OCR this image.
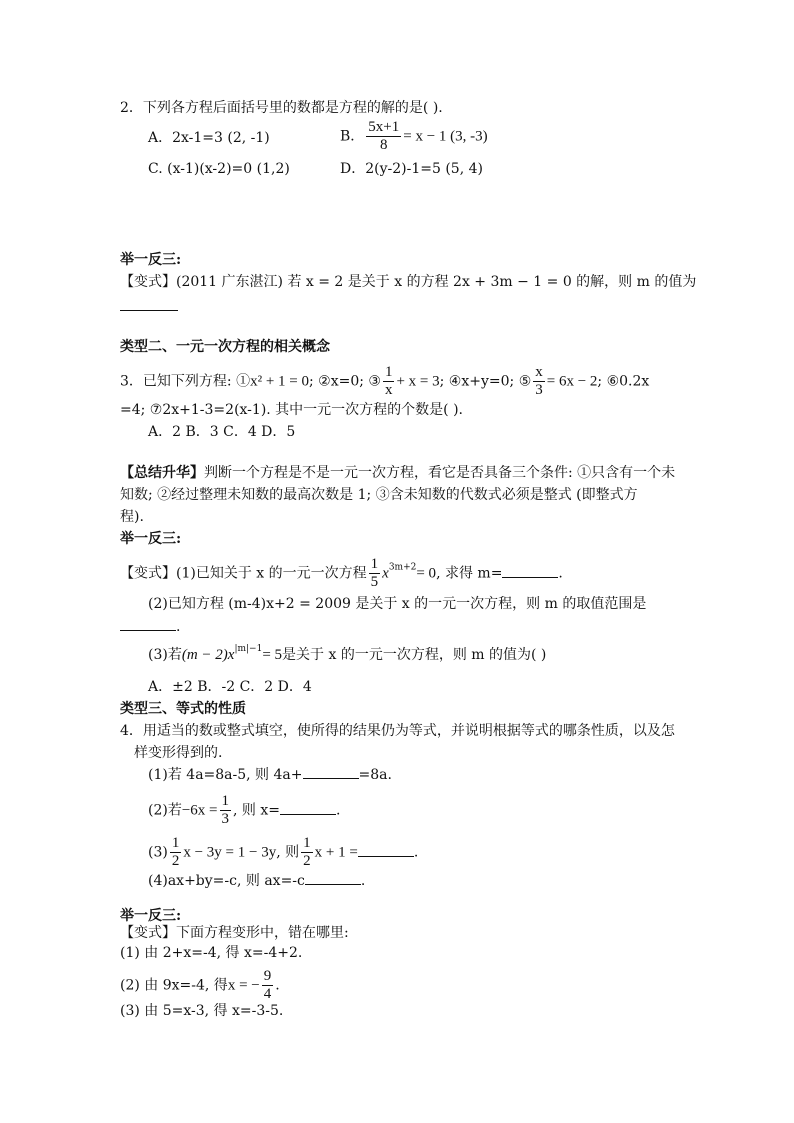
2．下列各方程后面括号里的数都是方程的解的是( ).
A．2x-1=3 (2, -1)	B． $\frac{5x+1}{8} = x - 1$ (3, -3)
C. (x-1)(x-2)=0 (1,2)	D．2(y-2)-1=5 (5, 4)
举一反三:
【变式】(2011 广东湛江) 若 x = 2 是关于 x 的方程 2x + 3m − 1 = 0 的解，则 m 的值为
类型二、一元一次方程的相关概念
3．已知下列方程: ①x² + 1 = 0; ②x=0; ③ $\frac{1}{x} + x = 3$; ④x+y=0; ⑤ $\frac{x}{3} = 6x - 2$; ⑥0.2x
=4; ⑦2x+1-3=2(x-1). 其中一元一次方程的个数是( ).
A．2 B．3 C．4 D．5
【总结升华】判断一个方程是不是一元一次方程，看它是否具备三个条件: ①只含有一个未
知数; ②经过整理未知数的最高次数是 1; ③含未知数的代数式必须是整式 (即整式方
程).
举一反三:
【变式】(1)已知关于 x 的一元一次方程 $\frac{1}{5} x^{3m+2}= 0$, 求得 m=	.
(2)已知方程 (m-4)x+2 = 2009 是关于 x 的一元一次方程，则 m 的取值范围是
.
(3)若$(m - 2)x^{|m|-1}= 5$是关于 x 的一元一次方程，则 m 的值为( )
A．±2 B．-2 C．2 D．4
类型三、等式的性质
4．用适当的数或整式填空，使所得的结果仍为等式，并说明根据等式的哪条性质，以及怎
样变形得到的.
(1)若 4a=8a-5, 则 4a+	=8a.
(2)若$-6x = \frac{1}{3}$ , 则 x=	.
$(3) \frac{1}{2}$ x − 3y = 1 − 3y, 则 $\frac{1}{2}$ x + 1 =	.
(4)ax+by=-c, 则 ax=-c	.
举一反三:
【变式】下面方程变形中，错在哪里:
(1) 由 2+x=-4, 得 x=-4+2.
(2) 由 9x=-4, 得x = − $\frac{9}{4}$ .
(3) 由 5=x-3, 得 x=-3-5.
